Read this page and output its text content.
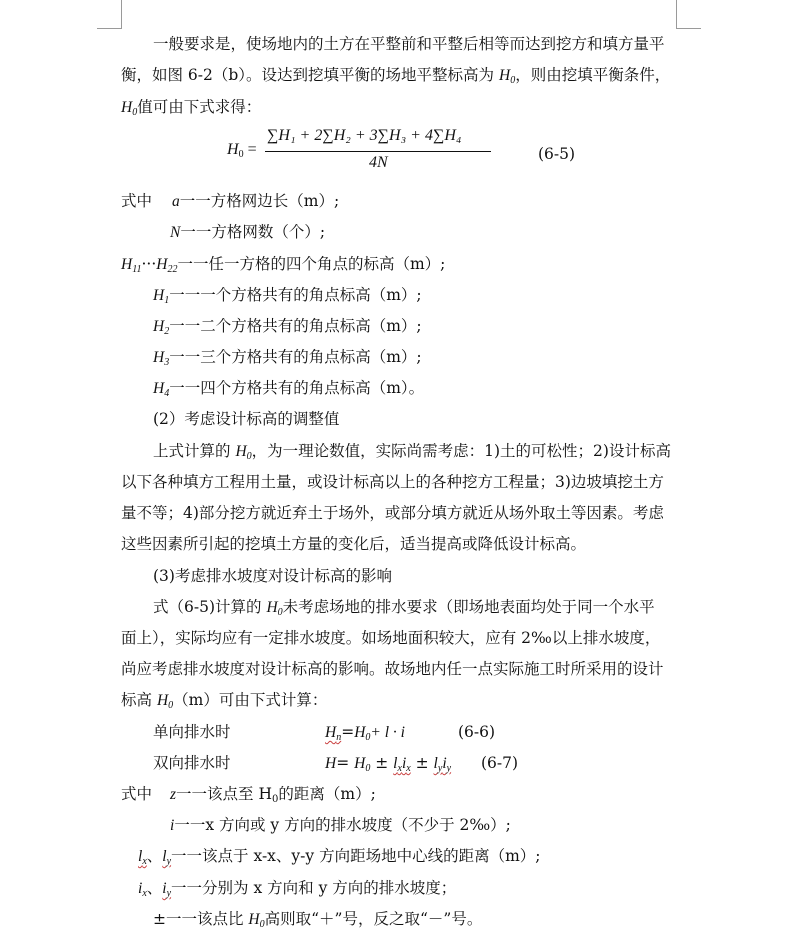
一般要求是，使场地内的土方在平整前和平整后相等而达到挖方和填方量平
衡，如图 6-2（b）。设达到挖填平衡的场地平整标高为 $H_0$，则由挖填平衡条件，
$H_0$值可由下式求得：
$H_0$ =
∑H₁ + 2∑H₂ + 3∑H₃ + 4∑H₄
4N	(6-5)
式中 a一一方格网边长（m）;
N一一方格网数（个）;
$H_{11}\cdot\cdot\cdot H_{22}$一一任一方格的四个角点的标高（m）;
$H_1$一一一个方格共有的角点标高（m）;
$H_2$一一二个方格共有的角点标高（m）;
$H_3$一一三个方格共有的角点标高（m）;
$H_4$一一四个方格共有的角点标高（m）。
(2）考虑设计标高的调整值
上式计算的 $H_0$，为一理论数值，实际尚需考虑：1)土的可松性；2)设计标高
以下各种填方工程用土量，或设计标高以上的各种挖方工程量；3)边坡填挖土方
量不等；4)部分挖方就近弃土于场外，或部分填方就近从场外取土等因素。考虑
这些因素所引起的挖填土方量的变化后，适当提高或降低设计标高。
(3)考虑排水坡度对设计标高的影响
式（6-5)计算的 $H_0$未考虑场地的排水要求（即场地表面均处于同一个水平
面上），实际均应有一定排水坡度。如场地面积较大，应有 2‰以上排水坡度，
尚应考虑排水坡度对设计标高的影响。故场地内任一点实际施工时所采用的设计
标高 $H_0(m)$可由下式计算：
单向排水时	$H_n=H_0+ l \cdot i$	(6-6)
双向排水时	$H= H_0 \pm l_xi_x \pm l_yi_y$ (6-7)
式中 z一一该点至 $H_0$的距离（m）;
i一一x 方向或 y 方向的排水坡度（不少于 2‰）;
$l_x$、$l_y$一一该点于 x-x、y-y 方向距场地中心线的距离（m）;
$i_x$、$i_y$一一分别为 x 方向和 y 方向的排水坡度；
±一一该点比 $H_0$高则取“＋”号，反之取“－”号。
